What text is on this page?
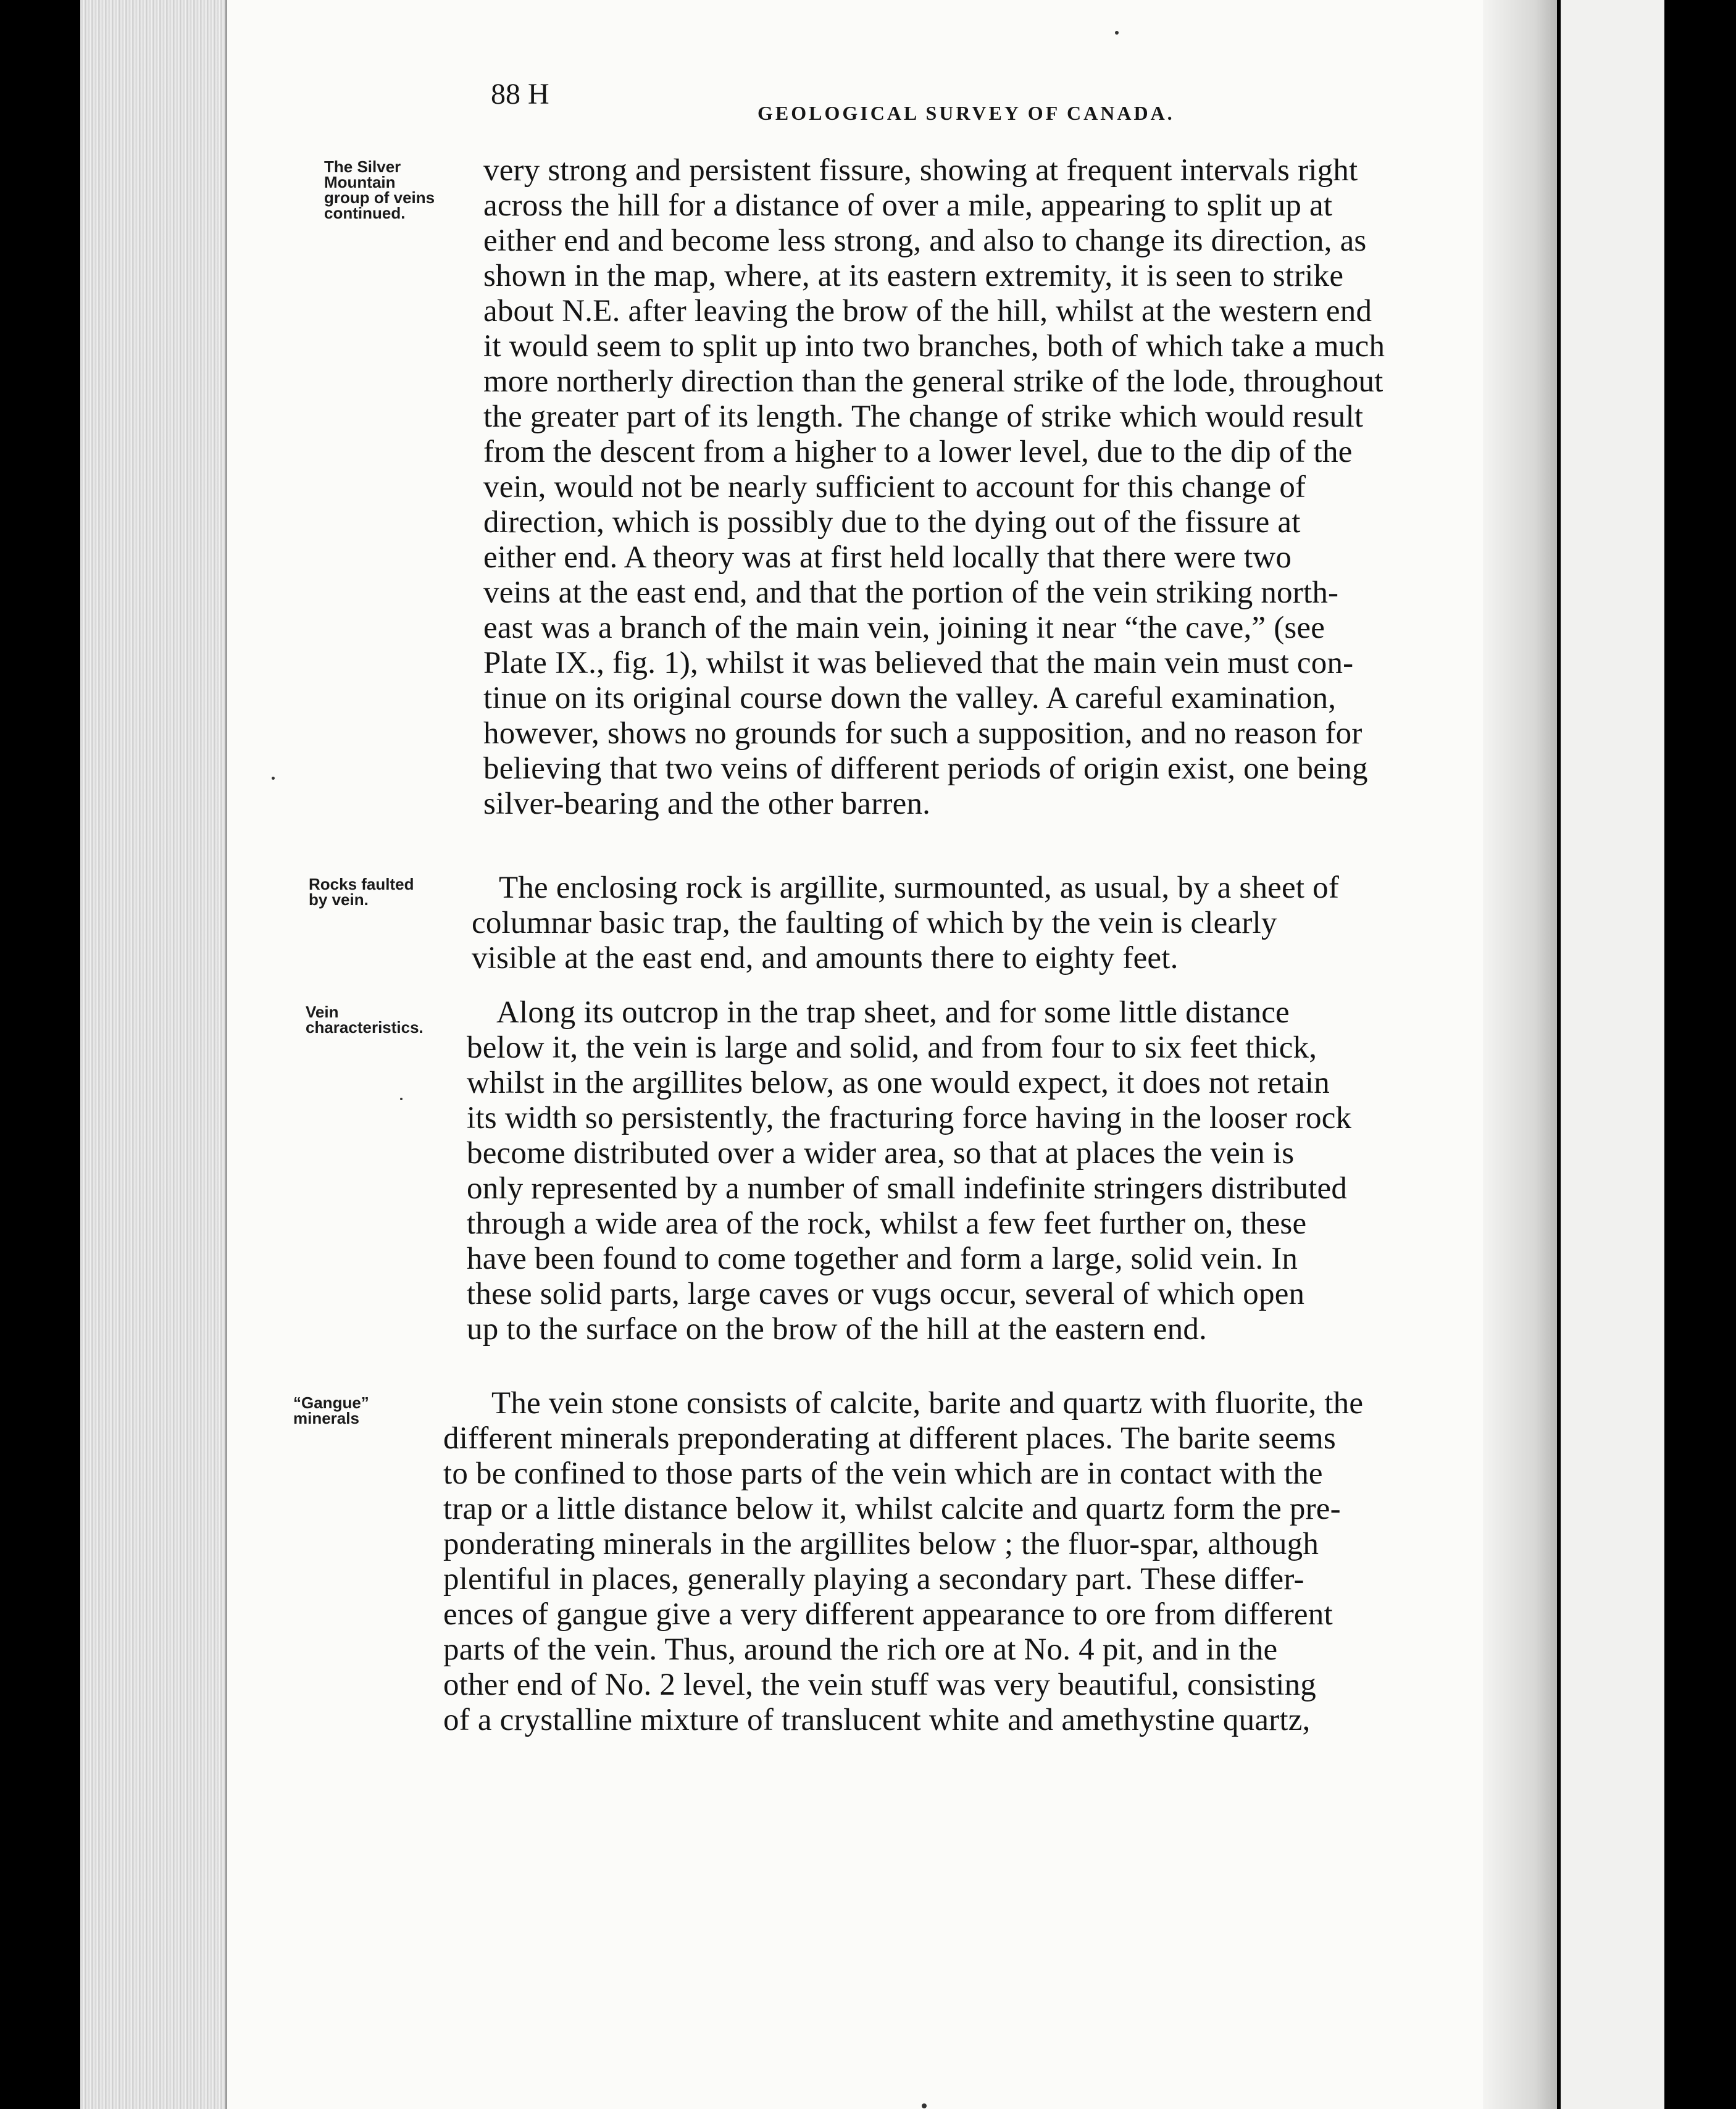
88 H
GEOLOGICAL SURVEY OF CANADA.
The Silver
Mountain
group of veins
continued.
Rocks faulted
by vein.
Vein
characteristics.
“Gangue”
minerals
very strong and persistent fissure, showing at frequent intervals right
across the hill for a distance of over a mile, appearing to split up at
either end and become less strong, and also to change its direction, as
shown in the map, where, at its eastern extremity, it is seen to strike
about N.E. after leaving the brow of the hill, whilst at the western end
it would seem to split up into two branches, both of which take a much
more northerly direction than the general strike of the lode, throughout
the greater part of its length. The change of strike which would result
from the descent from a higher to a lower level, due to the dip of the
vein, would not be nearly sufficient to account for this change of
direction, which is possibly due to the dying out of the fissure at
either end. A theory was at first held locally that there were two
veins at the east end, and that the portion of the vein striking north-
east was a branch of the main vein, joining it near “the cave,” (see
Plate IX., fig. 1), whilst it was believed that the main vein must con-
tinue on its original course down the valley. A careful examination,
however, shows no grounds for such a supposition, and no reason for
believing that two veins of different periods of origin exist, one being
silver-bearing and the other barren.
The enclosing rock is argillite, surmounted, as usual, by a sheet of
columnar basic trap, the faulting of which by the vein is clearly
visible at the east end, and amounts there to eighty feet.
Along its outcrop in the trap sheet, and for some little distance
below it, the vein is large and solid, and from four to six feet thick,
whilst in the argillites below, as one would expect, it does not retain
its width so persistently, the fracturing force having in the looser rock
become distributed over a wider area, so that at places the vein is
only represented by a number of small indefinite stringers distributed
through a wide area of the rock, whilst a few feet further on, these
have been found to come together and form a large, solid vein. In
these solid parts, large caves or vugs occur, several of which open
up to the surface on the brow of the hill at the eastern end.
The vein stone consists of calcite, barite and quartz with fluorite, the
different minerals preponderating at different places. The barite seems
to be confined to those parts of the vein which are in contact with the
trap or a little distance below it, whilst calcite and quartz form the pre-
ponderating minerals in the argillites below ; the fluor-spar, although
plentiful in places, generally playing a secondary part. These differ-
ences of gangue give a very different appearance to ore from different
parts of the vein. Thus, around the rich ore at No. 4 pit, and in the
other end of No. 2 level, the vein stuff was very beautiful, consisting
of a crystalline mixture of translucent white and amethystine quartz,
